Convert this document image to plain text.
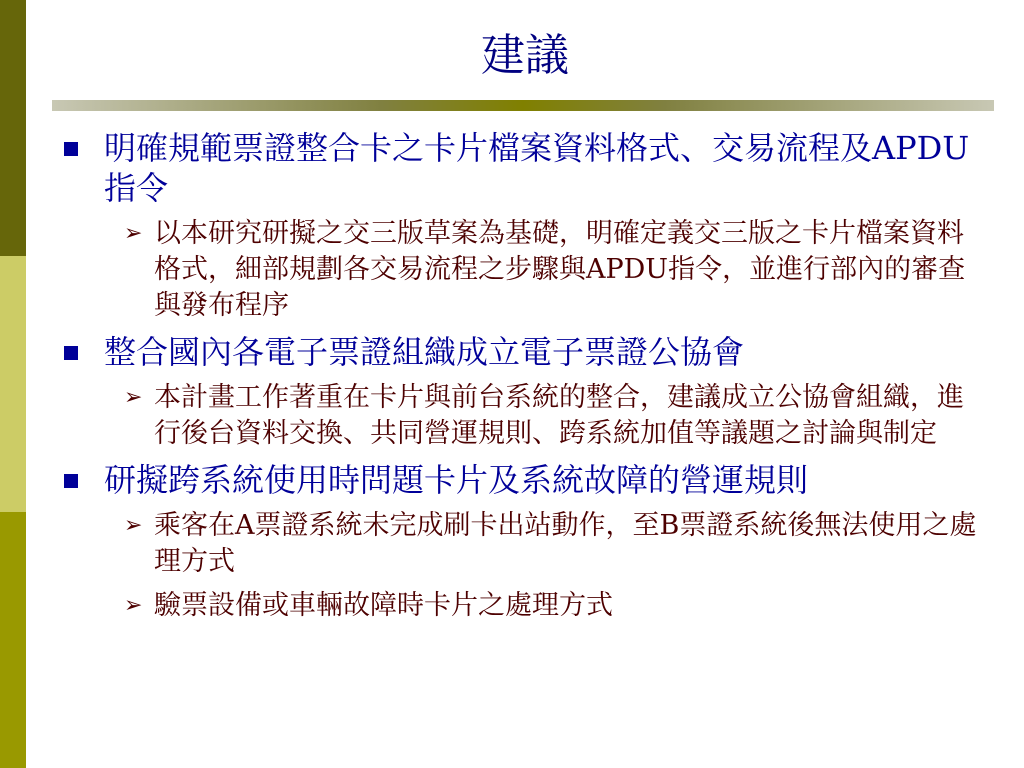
建議
明確規範票證整合卡之卡片檔案資料格式、交易流程及APDU指令
➢ 以本研究研擬之交三版草案為基礎，明確定義交三版之卡片檔案資料格式，細部規劃各交易流程之步驟與APDU指令，並進行部內的審查與發布程序
整合國內各電子票證組織成立電子票證公協會
➢ 本計畫工作著重在卡片與前台系統的整合，建議成立公協會組織，進行後台資料交換、共同營運規則、跨系統加值等議題之討論與制定
研擬跨系統使用時問題卡片及系統故障的營運規則
➢ 乘客在A票證系統未完成刷卡出站動作，至B票證系統後無法使用之處理方式
➢ 驗票設備或車輛故障時卡片之處理方式
